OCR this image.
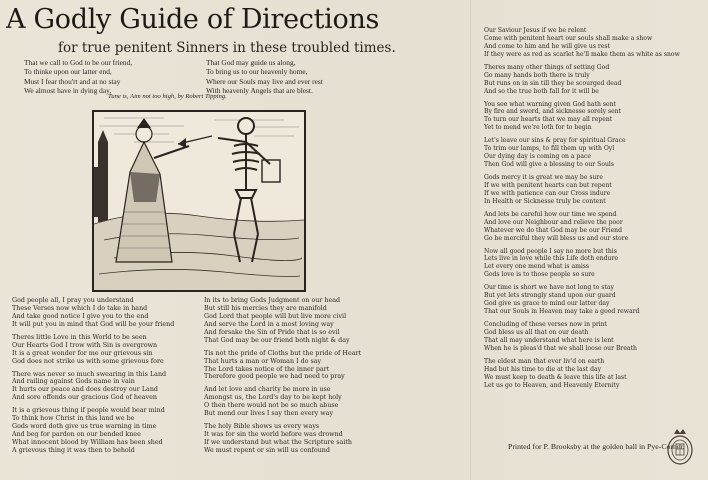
A Godly Guide of Directions
for true penitent Sinners in these troubled times.
That we call to God to be our friend,
To thinke upon our latter end,
Must I fear thou'rt and at no stay
We almost have in dying day,
That God may guide us along,
To bring us to our heavenly home,
Where our Souls may live and ever rest
With heavenly Angels that are blest.
Tune is, Aim not too high, by Robert Tipping.
God people all, I pray you understand
These Verses now which I do take in hand
And take good notice I give you to the end
It will put you in mind that God will be your friend
Theres little Love in this World to be seen
Our Hearts God I trow with Sin is overgrown
It is a great wonder for me our grievous sin
God does not strike us with some grievous fore
There was never so much swearing in this Land
And railing against Gods name in vain
It hurts our peace and does destroy our Land
And sore offends our gracious God of heaven
It is a grievous thing if people would bear mind
To think how Christ in this land we be
Gods word doth give us true warning in time
And beg for pardon on our bended knee
What innocent blood by William has been shed
A grievous thing it was then to behold
In its to bring Gods Judgment on our head
But still his mercies they are manifold
God Lord that people will but live more civil
And serve the Lord in a most loving way
And forsake the Sin of Pride that is so evil
That God may be our friend both night & day
Tis not the pride of Cloths but the pride of Heart
That hurts a man or Woman I do say
The Lord takes notice of the inner part
Therefore good people we had need to pray
And let love and charity be more in use
Amongst us, the Lord's day to be kept holy
O then there would not be so much abuse
But mend our lives I say then every way
The holy Bible shows us every ways
It was for sin the world before was drownd
If we understand but what the Scripture saith
We must repent or sin will us confound
Our Saviour Jesus if we be relent
Come with penitent heart our souls shall make a show
And come to him and he will give us rest
If they were as red as scarlet he'll make them as white as snow
Theres many other things of setting God
Go many hands both there is truly
But runs on in sin till they be scourged dead
And so the true both fall for it will be
You see what warning given God hath sent
By fire and sword, and sicknesse sorely sent
To turn our hearts that we may all repent
Yet to mend we're loth for to begin
Let's leave our sins & pray for spiritual Grace
To trim our lamps, to fill them up with Oyl
Our dying day is coming on a pace
Then God will give a blessing to our Souls
Gods mercy it is great we may be sure
If we with penitent hearts can but repent
If we with patience can our Cross indure
In Health or Sicknesse truly be content
And lets be careful how our time we spend
And love our Neighbour and relieve the poor
Whatever we do that God may be our Friend
Go be merciful they will bless us and our store
Now all good people I say no more but this
Lets live in love while this Life doth endure
Let every one mend what is amiss
Gods love is to those people so sure
Our time is short we have not long to stay
But yet lets strongly stand upon our guard
God give us grace to mind our latter day
That our Souls in Heaven may take a good reward
Concluding of these verses now in print
God bless us all that on our death
That all may understand what here is lent
When he is pleas'd that we shall loose our Breath
The eldest man that ever liv'd on earth
Had but his time to die at the last day
We must keep to death & leave this life at last
Let us go to Heaven, and Heavenly Eternity
Printed for P. Brooksby at the golden ball in Pye-Corner.
